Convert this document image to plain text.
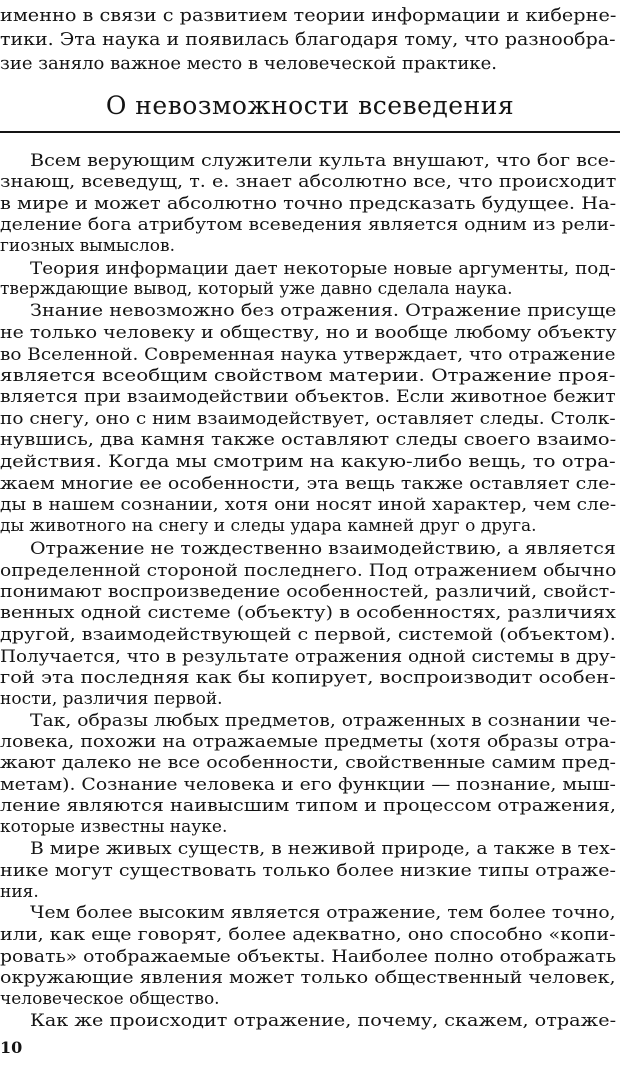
именно в связи с развитием теории информации и киберне-
тики. Эта наука и появилась благодаря тому, что разнообра-
зие заняло важное место в человеческой практике.
О невозможности всеведения
Всем верующим служители культа внушают, что бог все-
знающ, всеведущ, т. е. знает абсолютно все, что происходит
в мире и может абсолютно точно предсказать будущее. На-
деление бога атрибутом всеведения является одним из рели-
гиозных вымыслов.
Теория информации дает некоторые новые аргументы, под-
тверждающие вывод, который уже давно сделала наука.
Знание невозможно без отражения. Отражение присуще
не только человеку и обществу, но и вообще любому объекту
во Вселенной. Современная наука утверждает, что отражение
является всеобщим свойством материи. Отражение проя-
вляется при взаимодействии объектов. Если животное бежит
по снегу, оно с ним взаимодействует, оставляет следы. Столк-
нувшись, два камня также оставляют следы своего взаимо-
действия. Когда мы смотрим на какую-либо вещь, то отра-
жаем многие ее особенности, эта вещь также оставляет сле-
ды в нашем сознании, хотя они носят иной характер, чем сле-
ды животного на снегу и следы удара камней друг о друга.
Отражение не тождественно взаимодействию, а является
определенной стороной последнего. Под отражением обычно
понимают воспроизведение особенностей, различий, свойст-
венных одной системе (объекту) в особенностях, различиях
другой, взаимодействующей с первой, системой (объектом).
Получается, что в результате отражения одной системы в дру-
гой эта последняя как бы копирует, воспроизводит особен-
ности, различия первой.
Так, образы любых предметов, отраженных в сознании че-
ловека, похожи на отражаемые предметы (хотя образы отра-
жают далеко не все особенности, свойственные самим пред-
метам). Сознание человека и его функции — познание, мыш-
ление являются наивысшим типом и процессом отражения,
которые известны науке.
В мире живых существ, в неживой природе, а также в тех-
нике могут существовать только более низкие типы отраже-
ния.
Чем более высоким является отражение, тем более точно,
или, как еще говорят, более адекватно, оно способно «копи-
ровать» отображаемые объекты. Наиболее полно отображать
окружающие явления может только общественный человек,
человеческое общество.
Как же происходит отражение, почему, скажем, отраже-
10
